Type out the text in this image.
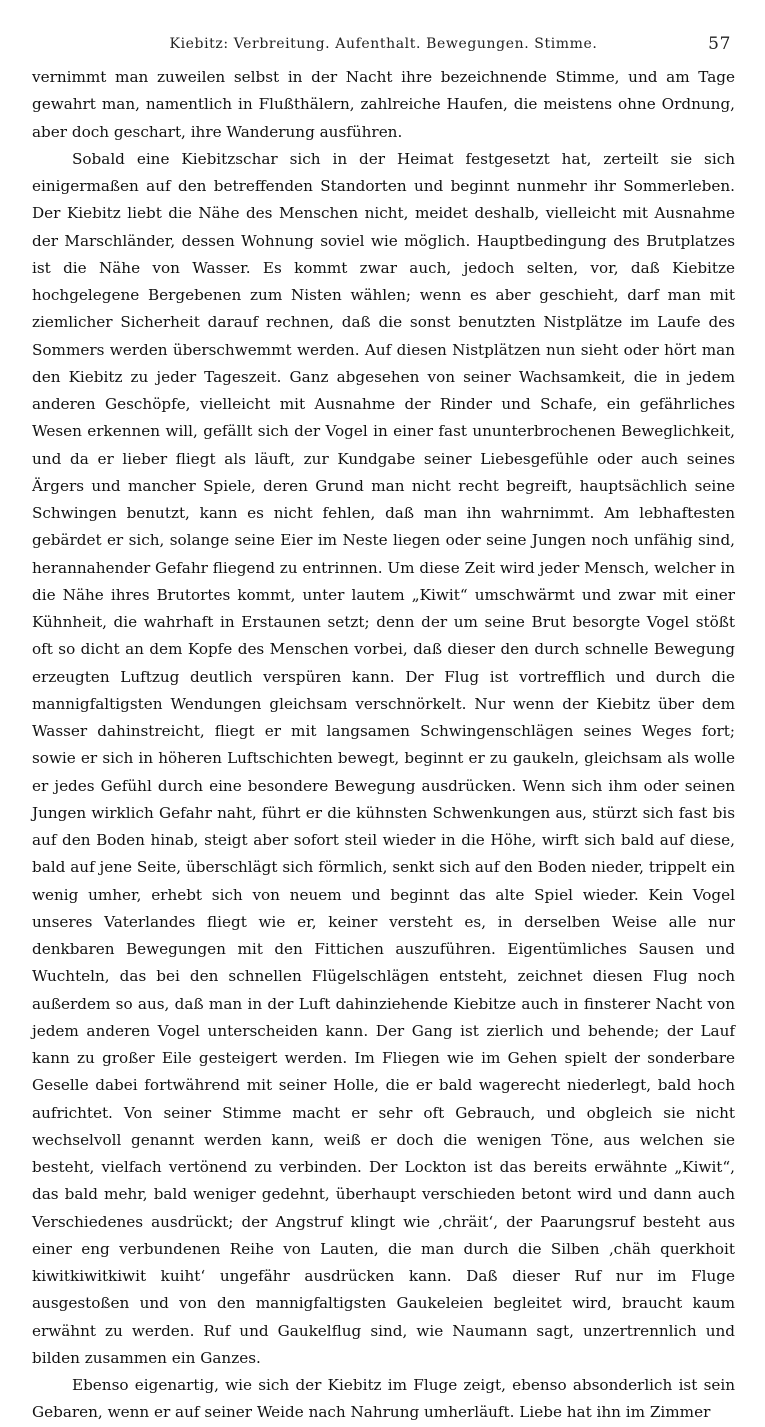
Kiebitz: Verbreitung. Aufenthalt. Bewegungen. Stimme.	57

vernimmt man zuweilen selbst in der Nacht ihre bezeichnende Stimme, und am Tage gewahrt man, namentlich in Flußthälern, zahlreiche Haufen, die meistens ohne Ordnung, aber doch geschart, ihre Wanderung ausführen.

Sobald eine Kiebitzschar sich in der Heimat festgesetzt hat, zerteilt sie sich einigermaßen auf den betreffenden Standorten und beginnt nunmehr ihr Sommerleben. Der Kiebitz liebt die Nähe des Menschen nicht, meidet deshalb, vielleicht mit Ausnahme der Marschländer, dessen Wohnung soviel wie möglich. Hauptbedingung des Brutplatzes ist die Nähe von Wasser. Es kommt zwar auch, jedoch selten, vor, daß Kiebitze hochgelegene Bergebenen zum Nisten wählen; wenn es aber geschieht, darf man mit ziemlicher Sicherheit darauf rechnen, daß die sonst benutzten Nistplätze im Laufe des Sommers werden überschwemmt werden. Auf diesen Nistplätzen nun sieht oder hört man den Kiebitz zu jeder Tageszeit. Ganz abgesehen von seiner Wachsamkeit, die in jedem anderen Geschöpfe, vielleicht mit Ausnahme der Rinder und Schafe, ein gefährliches Wesen erkennen will, gefällt sich der Vogel in einer fast ununterbrochenen Beweglichkeit, und da er lieber fliegt als läuft, zur Kundgabe seiner Liebesgefühle oder auch seines Ärgers und mancher Spiele, deren Grund man nicht recht begreift, hauptsächlich seine Schwingen benutzt, kann es nicht fehlen, daß man ihn wahrnimmt. Am lebhaftesten gebärdet er sich, solange seine Eier im Neste liegen oder seine Jungen noch unfähig sind, herannahender Gefahr fliegend zu entrinnen. Um diese Zeit wird jeder Mensch, welcher in die Nähe ihres Brutortes kommt, unter lautem „Kiwit“ umschwärmt und zwar mit einer Kühnheit, die wahrhaft in Erstaunen setzt; denn der um seine Brut besorgte Vogel stößt oft so dicht an dem Kopfe des Menschen vorbei, daß dieser den durch schnelle Bewegung erzeugten Luftzug deutlich verspüren kann. Der Flug ist vortrefflich und durch die mannigfaltigsten Wendungen gleichsam verschnörkelt. Nur wenn der Kiebitz über dem Wasser dahinstreicht, fliegt er mit langsamen Schwingenschlägen seines Weges fort; sowie er sich in höheren Luftschichten bewegt, beginnt er zu gaukeln, gleichsam als wolle er jedes Gefühl durch eine besondere Bewegung ausdrücken. Wenn sich ihm oder seinen Jungen wirklich Gefahr naht, führt er die kühnsten Schwenkungen aus, stürzt sich fast bis auf den Boden hinab, steigt aber sofort steil wieder in die Höhe, wirft sich bald auf diese, bald auf jene Seite, überschlägt sich förmlich, senkt sich auf den Boden nieder, trippelt ein wenig umher, erhebt sich von neuem und beginnt das alte Spiel wieder. Kein Vogel unseres Vaterlandes fliegt wie er, keiner versteht es, in derselben Weise alle nur denkbaren Bewegungen mit den Fittichen auszuführen. Eigentümliches Sausen und Wuchteln, das bei den schnellen Flügelschlägen entsteht, zeichnet diesen Flug noch außerdem so aus, daß man in der Luft dahinziehende Kiebitze auch in finsterer Nacht von jedem anderen Vogel unterscheiden kann. Der Gang ist zierlich und behende; der Lauf kann zu großer Eile gesteigert werden. Im Fliegen wie im Gehen spielt der sonderbare Geselle dabei fortwährend mit seiner Holle, die er bald wagerecht niederlegt, bald hoch aufrichtet. Von seiner Stimme macht er sehr oft Gebrauch, und obgleich sie nicht wechselvoll genannt werden kann, weiß er doch die wenigen Töne, aus welchen sie besteht, vielfach vertönend zu verbinden. Der Lockton ist das bereits erwähnte „Kiwit“, das bald mehr, bald weniger gedehnt, überhaupt verschieden betont wird und dann auch Verschiedenes ausdrückt; der Angstruf klingt wie ‚chräit‘, der Paarungsruf besteht aus einer eng verbundenen Reihe von Lauten, die man durch die Silben ‚chäh querkhoit kiwitkiwitkiwit kuiht‘ ungefähr ausdrücken kann. Daß dieser Ruf nur im Fluge ausgestoßen und von den mannigfaltigsten Gaukeleien begleitet wird, braucht kaum erwähnt zu werden. Ruf und Gaukelflug sind, wie Naumann sagt, unzertrennlich und bilden zusammen ein Ganzes.

Ebenso eigenartig, wie sich der Kiebitz im Fluge zeigt, ebenso absonderlich ist sein Gebaren, wenn er auf seiner Weide nach Nahrung umherläuft. Liebe hat ihn im Zimmer
